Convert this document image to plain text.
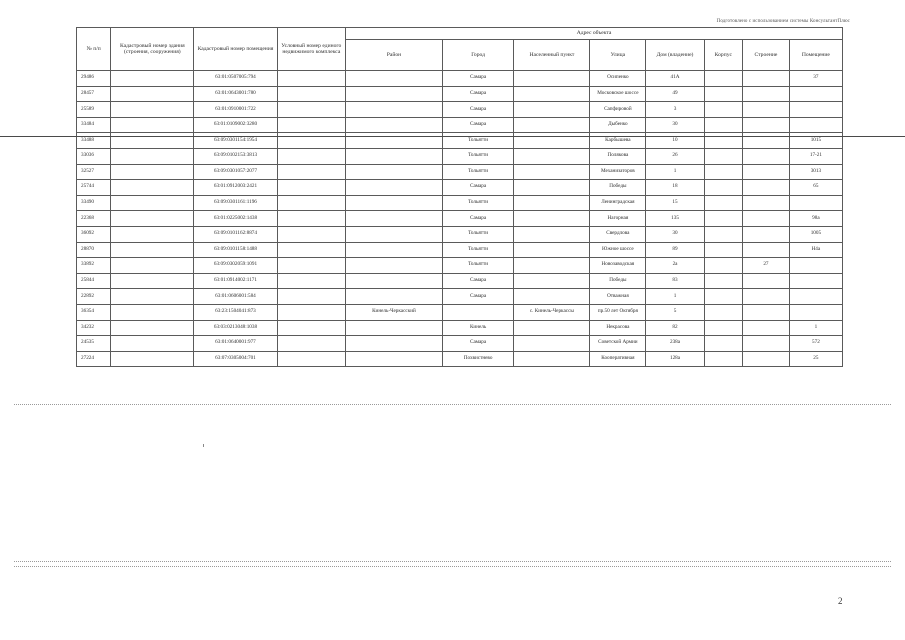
Подготовлено с использованием системы КонсультантПлюс
№ п/п	Кадастровый номер здания (строения, сооружения)	Кадастровый номер помещения	Условный номер единого недвижимого комплекса	Адрес объекта							
				Район	Город	Населенный пункт	Улица	Дом (владение)	Корпус	Строение	Помещение
29486		63:01:0507005:794			Самара		Осипенко	41А			37
28457		63:01:0643001:780			Самара		Московское шоссе	49			
25589		63:01:0910001:722			Самара		Сапфировой	3			
33484		63:01:0109002:3280			Самара		Дыбенко	30			
33488		63:09:0301154:1954			Тольятти		Карбышева	10			1015
33036		63:09:0102153:3813			Тольятти		Полякова	26			17-21
32527		63:09:0301057:2077			Тольятти		Механизаторов	1			3013
25744		63:01:0912003:2421			Самара		Победы	18			65
33490		63:09:0301161:1196			Тольятти		Ленинградская	15			
22368		63:01:0225002:1438			Самара		Нагорная	135			98а
36092		63:09:0101162:8874			Тольятти		Свердлова	30			1005
28870		63:09:0101158:1488			Тольятти		Южное шоссе	89			Н4а
33892		63:09:0302059:1091			Тольятти		Новозаводская	2а		27	
25844		63:01:0914002:1171			Самара		Победы	83			
22892		63:01:0606001:584			Самара		Отважная	1			
36354		63:23:1504041:873		Кинель-Черкасский		с. Кинель-Черкассы	пр.50 лет Октября	5			
34232		63:03:0213048:1038			Кинель		Некрасова	82			1
24535		63:01:0640001:977			Самара		Советской Армии	238а			572
27224		63:07:0305004:701			Похвистнево		Кооперативная	128а			25
2
